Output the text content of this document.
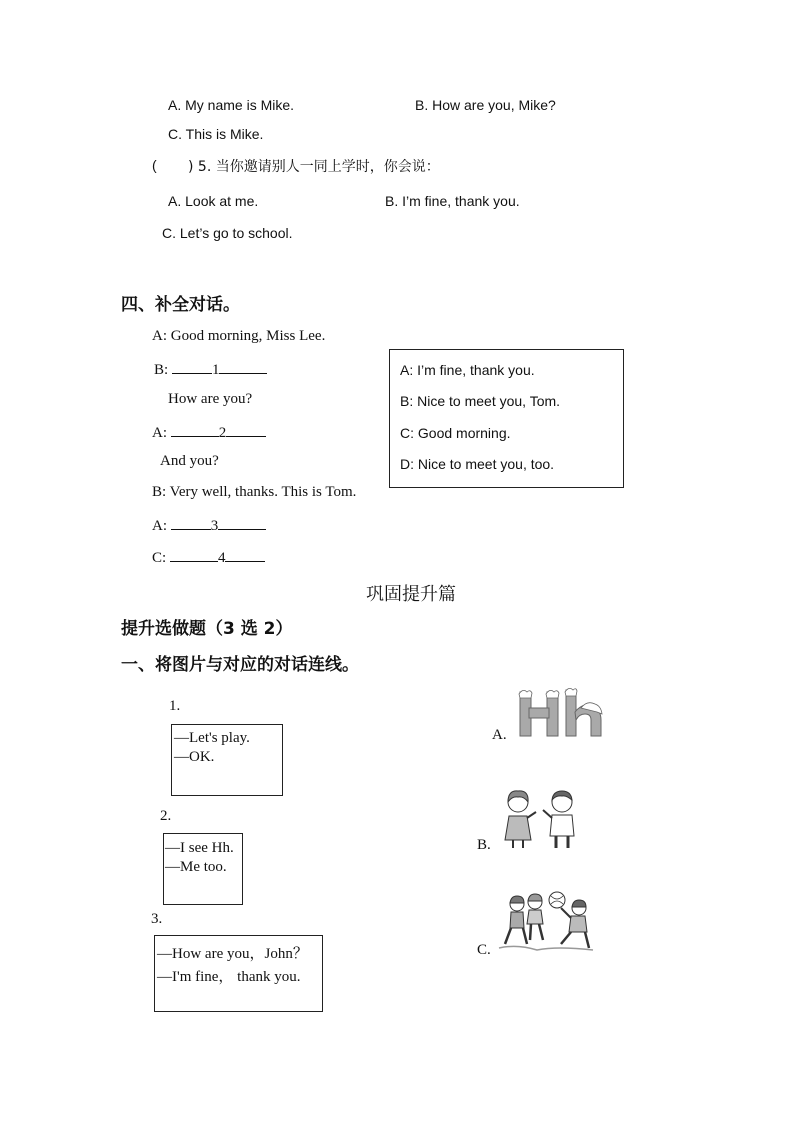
A. My name is Mike.	B. How are you, Mike?
C. This is Mike.
( ) 5. 当你邀请别人一同上学时，你会说：
A. Look at me.	B. I’m fine, thank you.
C. Let’s go to school.
四、补全对话。
A: Good morning, Miss Lee.
B:	1
How are you?
A:	2
And you?
B: Very well, thanks. This is Tom.
A:	3
C:	4
A: I’m fine, thank you.
B: Nice to meet you, Tom.
C: Good morning.
D: Nice to meet you, too.
巩固提升篇
提升选做题（3 选 2）
一、将图片与对应的对话连线。
1.
—Let's play.
—OK.
2.
—I see Hh.
—Me too.
3.
—How are you，John？
—I'm fine， thank you.
A.
B.
C.
